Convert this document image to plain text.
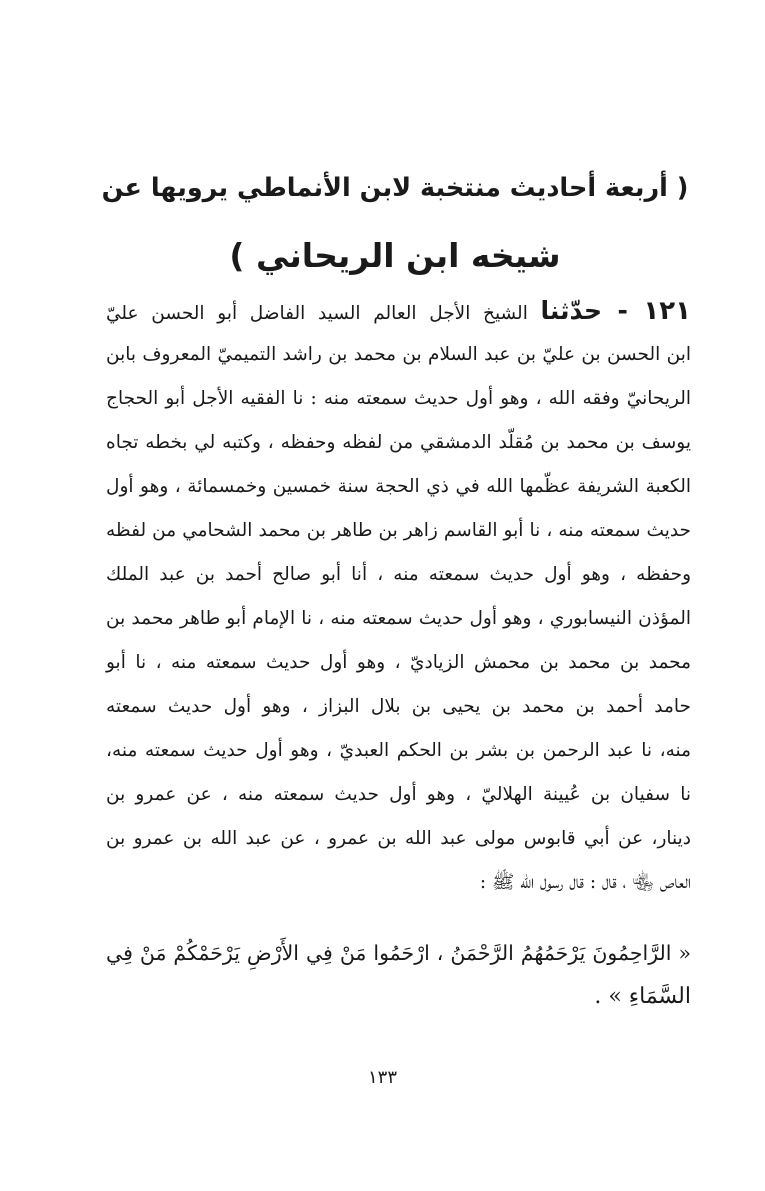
( أربعة أحاديث منتخبة لابن الأنماطي يرويها عن
شيخه ابن الريحاني )
١٢١ - حدّثنا الشيخ الأجل العالم السيد الفاضل أبو الحسن عليّ
ابن الحسن بن عليّ بن عبد السلام بن محمد بن راشد التميميّ المعروف بابن
الريحانيّ وفقه الله ، وهو أول حديث سمعته منه : نا الفقيه الأجل أبو الحجاج
يوسف بن محمد بن مُقلّد الدمشقي من لفظه وحفظه ، وكتبه لي بخطه تجاه
الكعبة الشريفة عظّمها الله في ذي الحجة سنة خمسين وخمسمائة ، وهو أول
حديث سمعته منه ، نا أبو القاسم زاهر بن طاهر بن محمد الشحامي من لفظه
وحفظه ، وهو أول حديث سمعته منه ، أنا أبو صالح أحمد بن عبد الملك
المؤذن النيسابوري ، وهو أول حديث سمعته منه ، نا الإمام أبو طاهر محمد بن
محمد بن محمد بن محمش الزياديّ ، وهو أول حديث سمعته منه ، نا أبو
حامد أحمد بن محمد بن يحيى بن بلال البزاز ، وهو أول حديث سمعته
منه، نا عبد الرحمن بن بشر بن الحكم العبديّ ، وهو أول حديث سمعته منه،
نا سفيان بن عُيينة الهلاليّ ، وهو أول حديث سمعته منه ، عن عمرو بن
دينار، عن أبي قابوس مولى عبد الله بن عمرو ، عن عبد الله بن عمرو بن
العاص ﵄ ، قال : قال رسول الله ﷺ :
« الرَّاحِمُونَ يَرْحَمُهُمُ الرَّحْمَنُ ، ارْحَمُوا مَنْ فِي الأَرْضِ يَرْحَمْكُمْ مَنْ فِي
السَّمَاءِ » .
١٣٣
